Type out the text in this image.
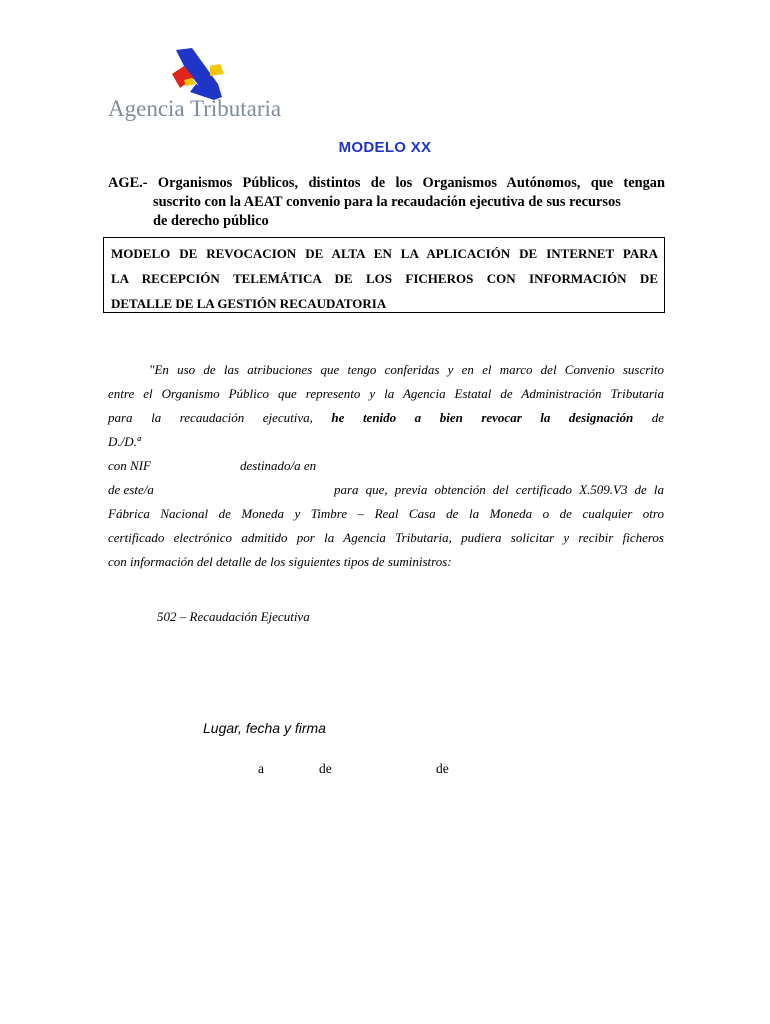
Agencia Tributaria
MODELO XX
AGE.- Organismos Públicos, distintos de los Organismos Autónomos, que tengan
suscrito con la AEAT convenio para la recaudación ejecutiva de sus recursos
de derecho público
MODELO DE REVOCACION DE ALTA EN LA APLICACIÓN DE INTERNET PARA
LA RECEPCIÓN TELEMÁTICA DE LOS FICHEROS CON INFORMACIÓN DE
DETALLE DE LA GESTIÓN RECAUDATORIA
"En uso de las atribuciones que tengo conferidas y en el marco del Convenio suscrito
entre el Organismo Público que represento y la Agencia Estatal de Administración Tributaria
para la recaudación ejecutiva, he tenido a bien revocar la designación de
D./D.ª
con NIF	destinado/a en
de este/a	para que, previa obtención del certificado X.509.V3 de la
Fábrica Nacional de Moneda y Timbre – Real Casa de la Moneda o de cualquier otro
certificado electrónico admitido por la Agencia Tributaria, pudiera solicitar y recibir ficheros
con información del detalle de los siguientes tipos de suministros:
502 – Recaudación Ejecutiva
Lugar, fecha y firma
a	de	de
